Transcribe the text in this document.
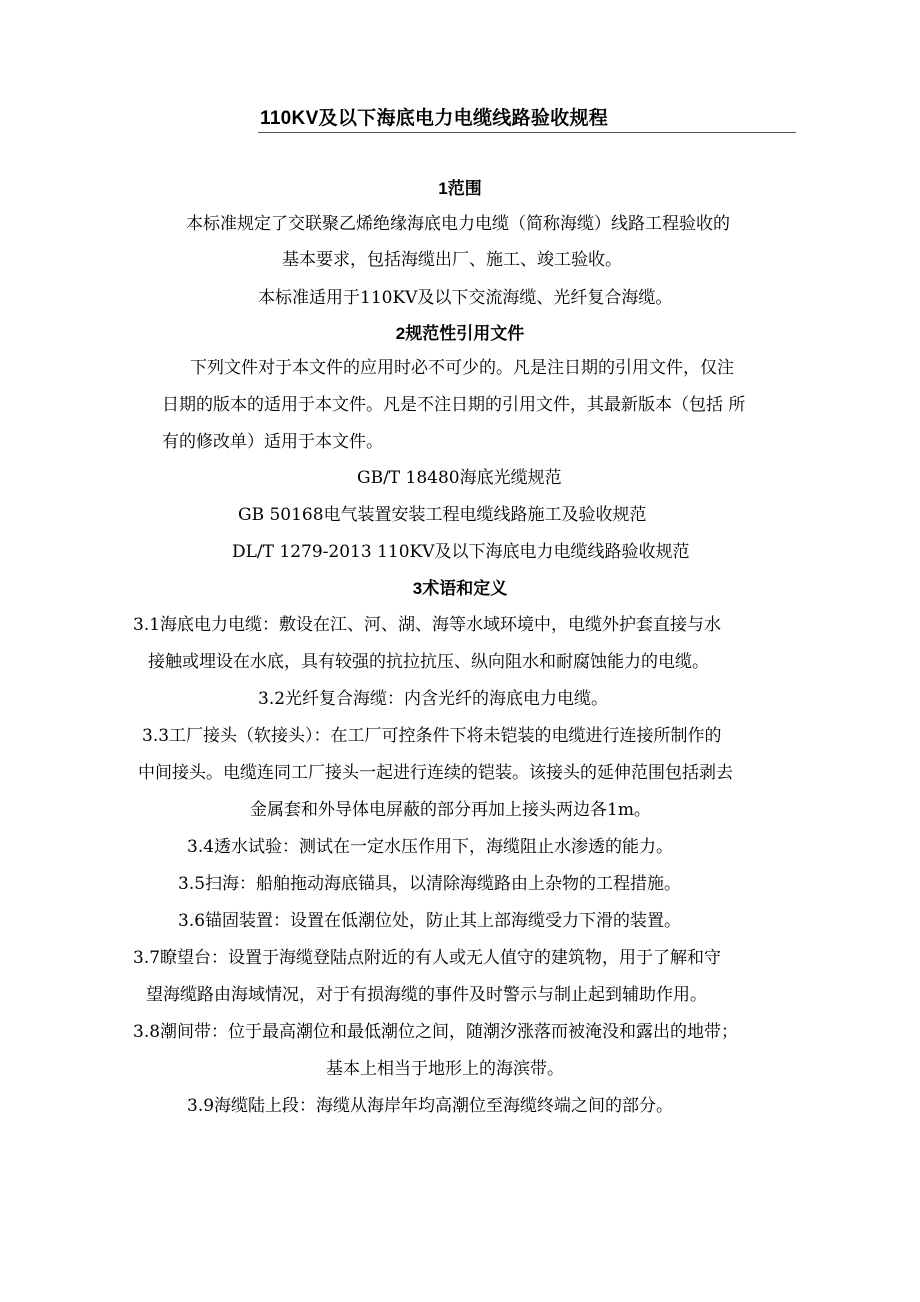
110KV及以下海底电力电缆线路验收规程
1范围
本标准规定了交联聚乙烯绝缘海底电力电缆（简称海缆）线路工程验收的
基本要求，包括海缆出厂、施工、竣工验收。
本标准适用于110KV及以下交流海缆、光纤复合海缆。
2规范性引用文件
下列文件对于本文件的应用时必不可少的。凡是注日期的引用文件，仅注
日期的版本的适用于本文件。凡是不注日期的引用文件，其最新版本（包括 所
有的修改单）适用于本文件。
GB/T 18480海底光缆规范
GB 50168电气装置安装工程电缆线路施工及验收规范
DL/T 1279-2013 110KV及以下海底电力电缆线路验收规范
3术语和定义
3.1海底电力电缆：敷设在江、河、湖、海等水域环境中，电缆外护套直接与水
接触或埋设在水底，具有较强的抗拉抗压、纵向阻水和耐腐蚀能力的电缆。
3.2光纤复合海缆：内含光纤的海底电力电缆。
3.3工厂接头（软接头）：在工厂可控条件下将未铠装的电缆进行连接所制作的
中间接头。电缆连同工厂接头一起进行连续的铠装。该接头的延伸范围包括剥去
金属套和外导体电屏蔽的部分再加上接头两边各1m。
3.4透水试验：测试在一定水压作用下，海缆阻止水渗透的能力。
3.5扫海：船舶拖动海底锚具，以清除海缆路由上杂物的工程措施。
3.6锚固装置：设置在低潮位处，防止其上部海缆受力下滑的装置。
3.7瞭望台：设置于海缆登陆点附近的有人或无人值守的建筑物，用于了解和守
望海缆路由海域情况，对于有损海缆的事件及时警示与制止起到辅助作用。
3.8潮间带：位于最高潮位和最低潮位之间，随潮汐涨落而被淹没和露出的地带；
基本上相当于地形上的海滨带。
3.9海缆陆上段：海缆从海岸年均高潮位至海缆终端之间的部分。
